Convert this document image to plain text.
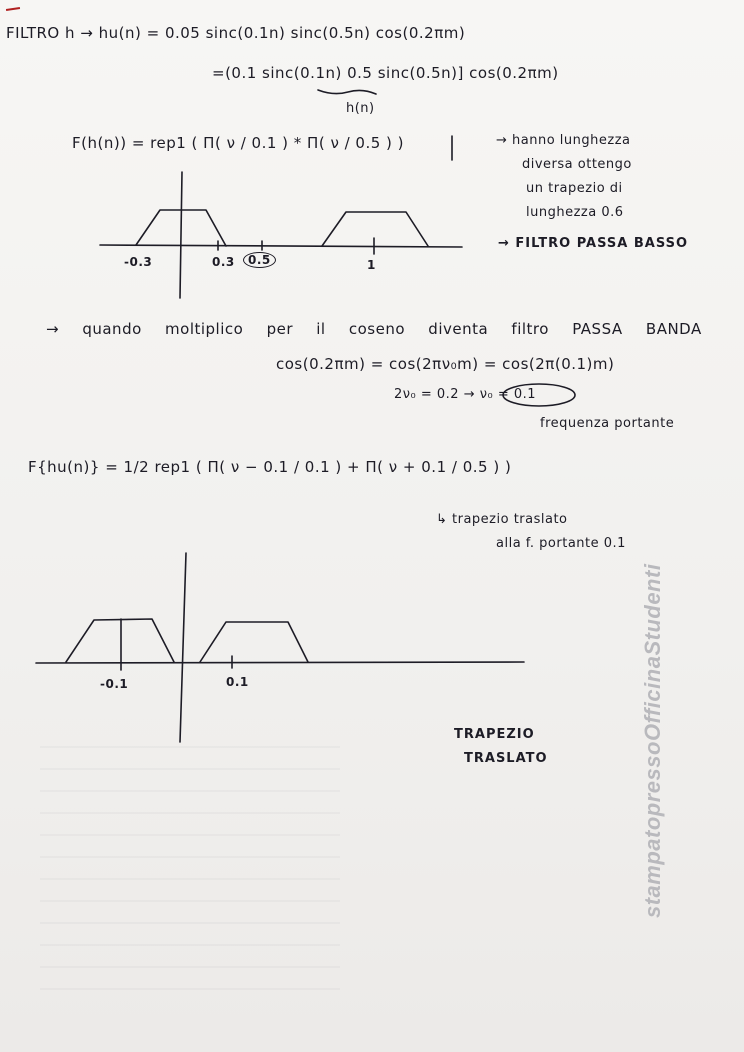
FILTRO h → hu(n) = 0.05 sinc(0.1n) sinc(0.5n) cos(0.2πm)
=(0.1 sinc(0.1n) 0.5 sinc(0.5n)] cos(0.2πm)
h(n)
F(h(n)) = rep1 ( Π( ν / 0.1 ) * Π( ν / 0.5 ) )	→ hanno lunghezza
diversa ottengo
un trapezio di
lunghezza 0.6
→ FILTRO PASSA BASSO
→ quando moltiplico per il coseno diventa filtro PASSA BANDA
cos(0.2πm) = cos(2πν₀m) = cos(2π(0.1)m)
2ν₀ = 0.2 → ν₀ = 0.1
frequenza portante
F{hu(n)} = 1/2 rep1 ( Π( ν − 0.1 / 0.1 ) + Π( ν + 0.1 / 0.5 ) )
↳ trapezio traslato
alla f. portante 0.1
TRAPEZIO
TRASLATO
-0.3	0.3	0.5	1
-0.1	0.1	stampatopressoOfficinaStudenti
